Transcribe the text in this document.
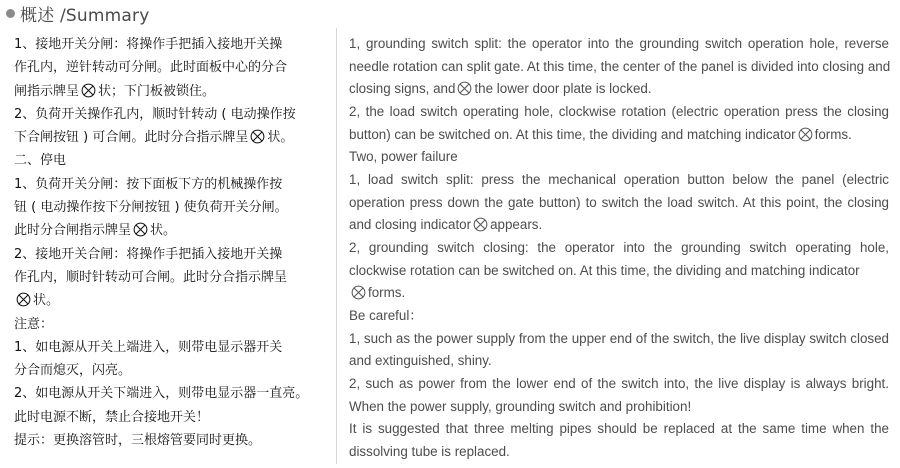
概述 /Summary
1、接地开关分闸：将操作手把插入接地开关操
作孔内，逆针转动可分闸。此时面板中心的分合
闸指示牌呈 状；下门板被锁住。
2、负荷开关操作孔内，顺时针转动 ( 电动操作按
下合闸按钮 ) 可合闸。此时分合指示牌呈 状。
二、停电
1、负荷开关分闸：按下面板下方的机械操作按
钮 ( 电动操作按下分闸按钮 ) 使负荷开关分闸。
此时分合闸指示牌呈 状。
2、接地开关合闸：将操作手把插入接地开关操
作孔内，顺时针转动可合闸。此时分合指示牌呈
状。
注意：
1、如电源从开关上端进入，则带电显示器开关
分合而熄灭，闪亮。
2、如电源从开关下端进入，则带电显示器一直亮。
此时电源不断，禁止合接地开关！
提示：更换溶管时，三根熔管要同时更换。
1, grounding switch split: the operator into the grounding switch operation hole, reverse
needle rotation can split gate. At this time, the center of the panel is divided into closing and
closing signs, and the lower door plate is locked.
2, the load switch operating hole, clockwise rotation (electric operation press the closing
button) can be switched on. At this time, the dividing and matching indicator forms.
Two, power failure
1, load switch split: press the mechanical operation button below the panel (electric
operation press down the gate button) to switch the load switch. At this point, the closing
and closing indicator appears.
2, grounding switch closing: the operator into the grounding switch operating hole,
clockwise rotation can be switched on. At this time, the dividing and matching indicator
forms.
Be careful：
1, such as the power supply from the upper end of the switch, the live display switch closed
and extinguished, shiny.
2, such as power from the lower end of the switch into, the live display is always bright.
When the power supply, grounding switch and prohibition!
It is suggested that three melting pipes should be replaced at the same time when the
dissolving tube is replaced.
